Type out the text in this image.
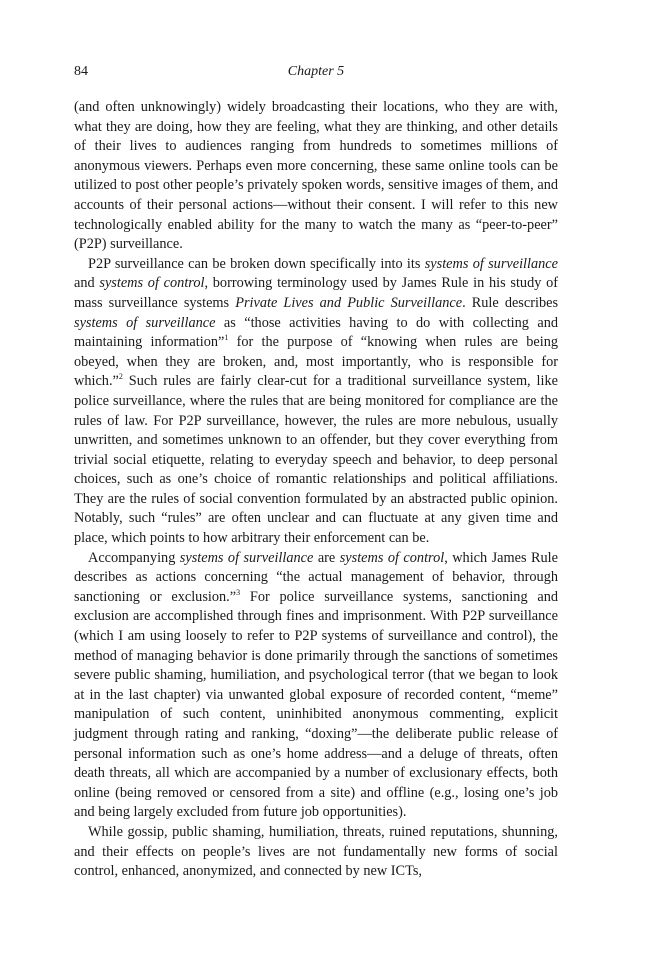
84	Chapter 5

(and often unknowingly) widely broadcasting their locations, who they are with, what they are doing, how they are feeling, what they are thinking, and other details of their lives to audiences ranging from hundreds to sometimes millions of anonymous viewers. Perhaps even more concerning, these same online tools can be utilized to post other people’s privately spoken words, sensitive images of them, and accounts of their personal actions—without their consent. I will refer to this new technologically enabled ability for the many to watch the many as “peer-to-peer” (P2P) surveillance.

P2P surveillance can be broken down specifically into its systems of surveillance and systems of control, borrowing terminology used by James Rule in his study of mass surveillance systems Private Lives and Public Surveillance. Rule describes systems of surveillance as “those activities having to do with collecting and maintaining information”$^1$ for the purpose of “knowing when rules are being obeyed, when they are broken, and, most importantly, who is responsible for which.”$^2$ Such rules are fairly clear-cut for a traditional surveillance system, like police surveillance, where the rules that are being monitored for compliance are the rules of law. For P2P surveillance, however, the rules are more nebulous, usually unwritten, and sometimes unknown to an offender, but they cover everything from trivial social etiquette, relating to everyday speech and behavior, to deep personal choices, such as one’s choice of romantic relationships and political affiliations. They are the rules of social convention formulated by an abstracted public opinion. Notably, such “rules” are often unclear and can fluctuate at any given time and place, which points to how arbitrary their enforcement can be.

Accompanying systems of surveillance are systems of control, which James Rule describes as actions concerning “the actual management of behavior, through sanctioning or exclusion.”$^3$ For police surveillance systems, sanctioning and exclusion are accomplished through fines and imprisonment. With P2P surveillance (which I am using loosely to refer to P2P systems of surveillance and control), the method of managing behavior is done primarily through the sanctions of sometimes severe public shaming, humiliation, and psychological terror (that we began to look at in the last chapter) via unwanted global exposure of recorded content, “meme” manipulation of such content, uninhibited anonymous commenting, explicit judgment through rating and ranking, “doxing”—the deliberate public release of personal information such as one’s home address—and a deluge of threats, often death threats, all which are accompanied by a number of exclusionary effects, both online (being removed or censored from a site) and offline (e.g., losing one’s job and being largely excluded from future job opportunities).

While gossip, public shaming, humiliation, threats, ruined reputations, shunning, and their effects on people’s lives are not fundamentally new forms of social control, enhanced, anonymized, and connected by new ICTs,
